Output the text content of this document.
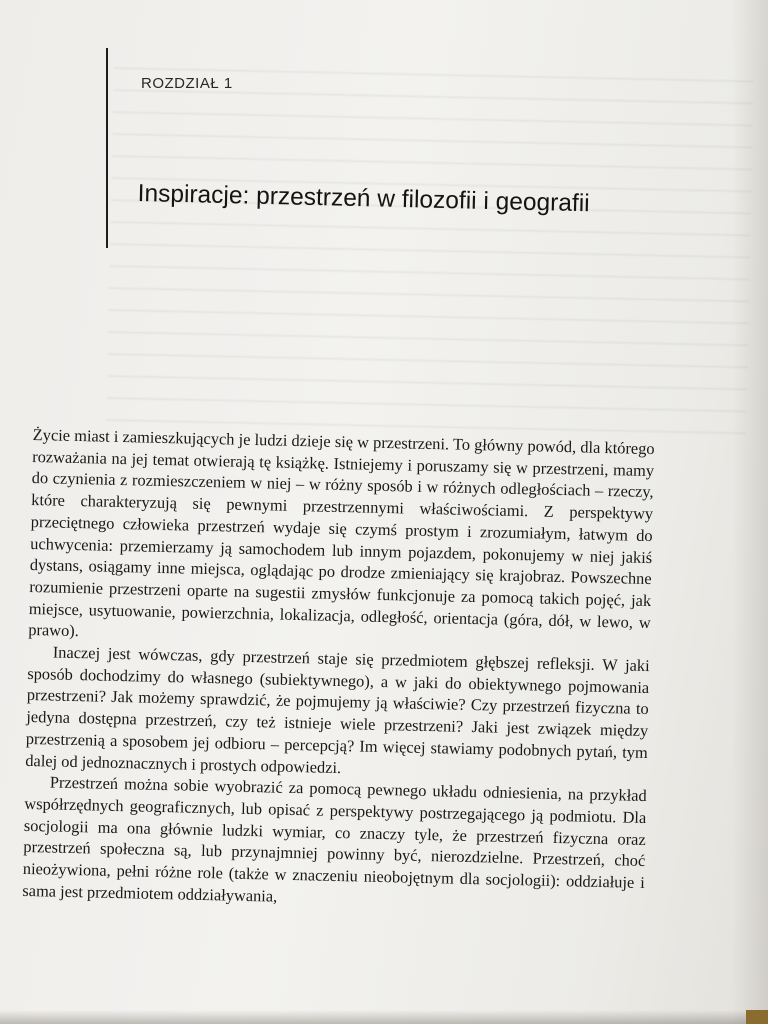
ROZDZIAŁ 1
Inspiracje: przestrzeń w filozofii i geografii

Życie miast i zamieszkujących je ludzi dzieje się w przestrzeni. To główny powód, dla którego rozważania na jej temat otwierają tę książkę. Istniejemy i poruszamy się w przestrzeni, mamy do czynienia z rozmieszczeniem w niej – w różny sposób i w różnych odległościach – rzeczy, które charakteryzują się pewnymi przestrzennymi właściwościami. Z perspektywy przeciętnego człowieka przestrzeń wydaje się czymś prostym i zrozumiałym, łatwym do uchwycenia: przemierzamy ją samochodem lub innym pojazdem, pokonujemy w niej jakiś dystans, osiągamy inne miejsca, oglądając po drodze zmieniający się krajobraz. Powszechne rozumienie przestrzeni oparte na sugestii zmysłów funkcjonuje za pomocą takich pojęć, jak miejsce, usytuowanie, powierzchnia, lokalizacja, odległość, orientacja (góra, dół, w lewo, w prawo).

Inaczej jest wówczas, gdy przestrzeń staje się przedmiotem głębszej refleksji. W jaki sposób dochodzimy do własnego (subiektywnego), a w jaki do obiektywnego pojmowania przestrzeni? Jak możemy sprawdzić, że pojmujemy ją właściwie? Czy przestrzeń fizyczna to jedyna dostępna przestrzeń, czy też istnieje wiele przestrzeni? Jaki jest związek między przestrzenią a sposobem jej odbioru – percepcją? Im więcej stawiamy podobnych pytań, tym dalej od jednoznacznych i prostych odpowiedzi.

Przestrzeń można sobie wyobrazić za pomocą pewnego układu odniesienia, na przykład współrzędnych geograficznych, lub opisać z perspektywy postrzegającego ją podmiotu. Dla socjologii ma ona głównie ludzki wymiar, co znaczy tyle, że przestrzeń fizyczna oraz przestrzeń społeczna są, lub przynajmniej powinny być, nierozdzielne. Przestrzeń, choć nieożywiona, pełni różne role (także w znaczeniu nieobojętnym dla socjologii): oddziałuje i sama jest przedmiotem oddziaływania,
